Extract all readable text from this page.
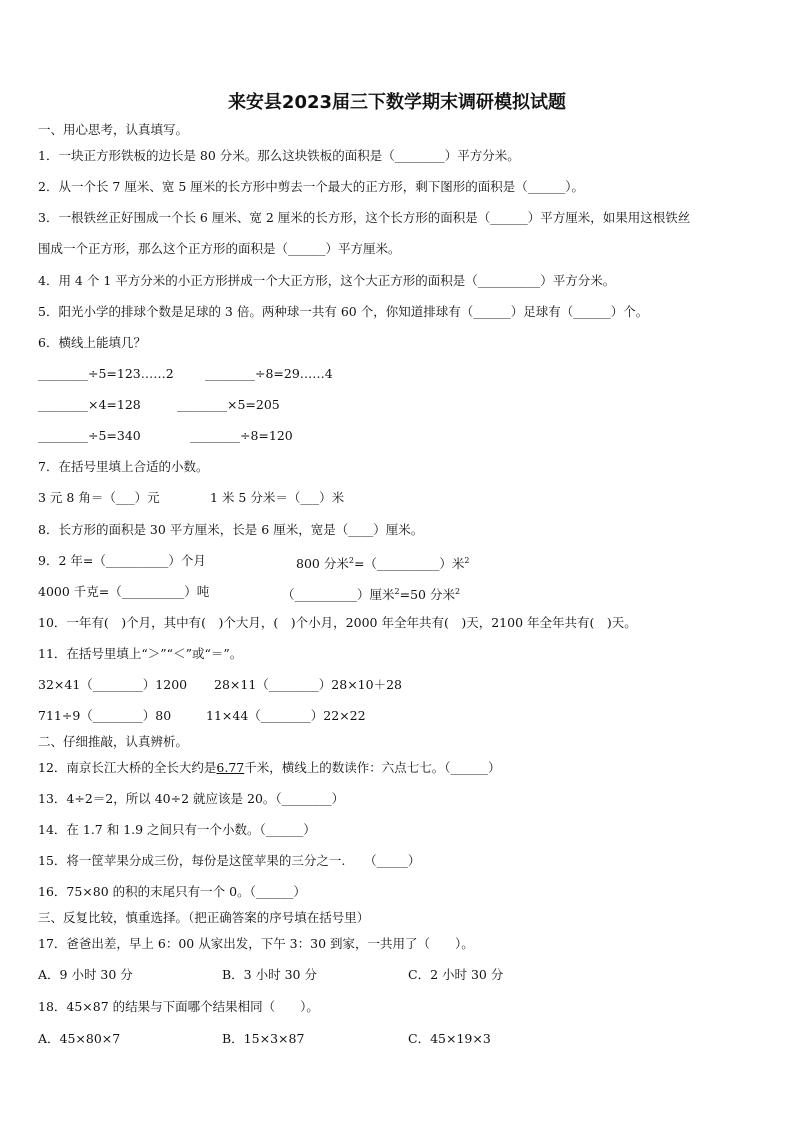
来安县2023届三下数学期末调研模拟试题
一、用心思考，认真填写。
1．一块正方形铁板的边长是 80 分米。那么这块铁板的面积是（________）平方分米。
2．从一个长 7 厘米、宽 5 厘米的长方形中剪去一个最大的正方形，剩下图形的面积是（______）。
3．一根铁丝正好围成一个长 6 厘米、宽 2 厘米的长方形，这个长方形的面积是（______）平方厘米，如果用这根铁丝
围成一个正方形，那么这个正方形的面积是（______）平方厘米。
4．用 4 个 1 平方分米的小正方形拼成一个大正方形，这个大正方形的面积是（__________）平方分米。
5．阳光小学的排球个数是足球的 3 倍。两种球一共有 60 个，你知道排球有（______）足球有（______）个。
6．横线上能填几？
________÷5=123……2	________÷8=29……4
________×4=128	________×5=205
________÷5=340	________÷8=120
7．在括号里填上合适的小数。
3 元 8 角＝（___）元	1 米 5 分米＝（___）米
8．长方形的面积是 30 平方厘米，长是 6 厘米，宽是（____）厘米。
9．2 年=（__________）个月	800 分米$^2$=（__________）米$^2$
4000 千克=（__________）吨	（__________）厘米$^2$=50 分米$^2$
10．一年有(　)个月，其中有(　)个大月，(　)个小月，2000 年全年共有(　)天，2100 年全年共有(　)天。
11．在括号里填上“＞”“＜”或“＝”。
32×41（________）1200 28×11（________）28×10＋28
711÷9（________）80	11×44（________）22×22
二、仔细推敲，认真辨析。
12．南京长江大桥的全长大约是6.77千米，横线上的数读作：六点七七。（______）
13．4÷2＝2，所以 40÷2 就应该是 20。（________）
14．在 1.7 和 1.9 之间只有一个小数。（______）
15．将一筐苹果分成三份，每份是这筐苹果的三分之一.　　（_____）
16．75×80 的积的末尾只有一个 0。（______）
三、反复比较，慎重选择。（把正确答案的序号填在括号里）
17．爸爸出差，早上 6：00 从家出发，下午 3：30 到家，一共用了（　　）。
A．9 小时 30 分	B．3 小时 30 分	C．2 小时 30 分
18．45×87 的结果与下面哪个结果相同（　　）。
A．45×80×7	B．15×3×87	C．45×19×3
